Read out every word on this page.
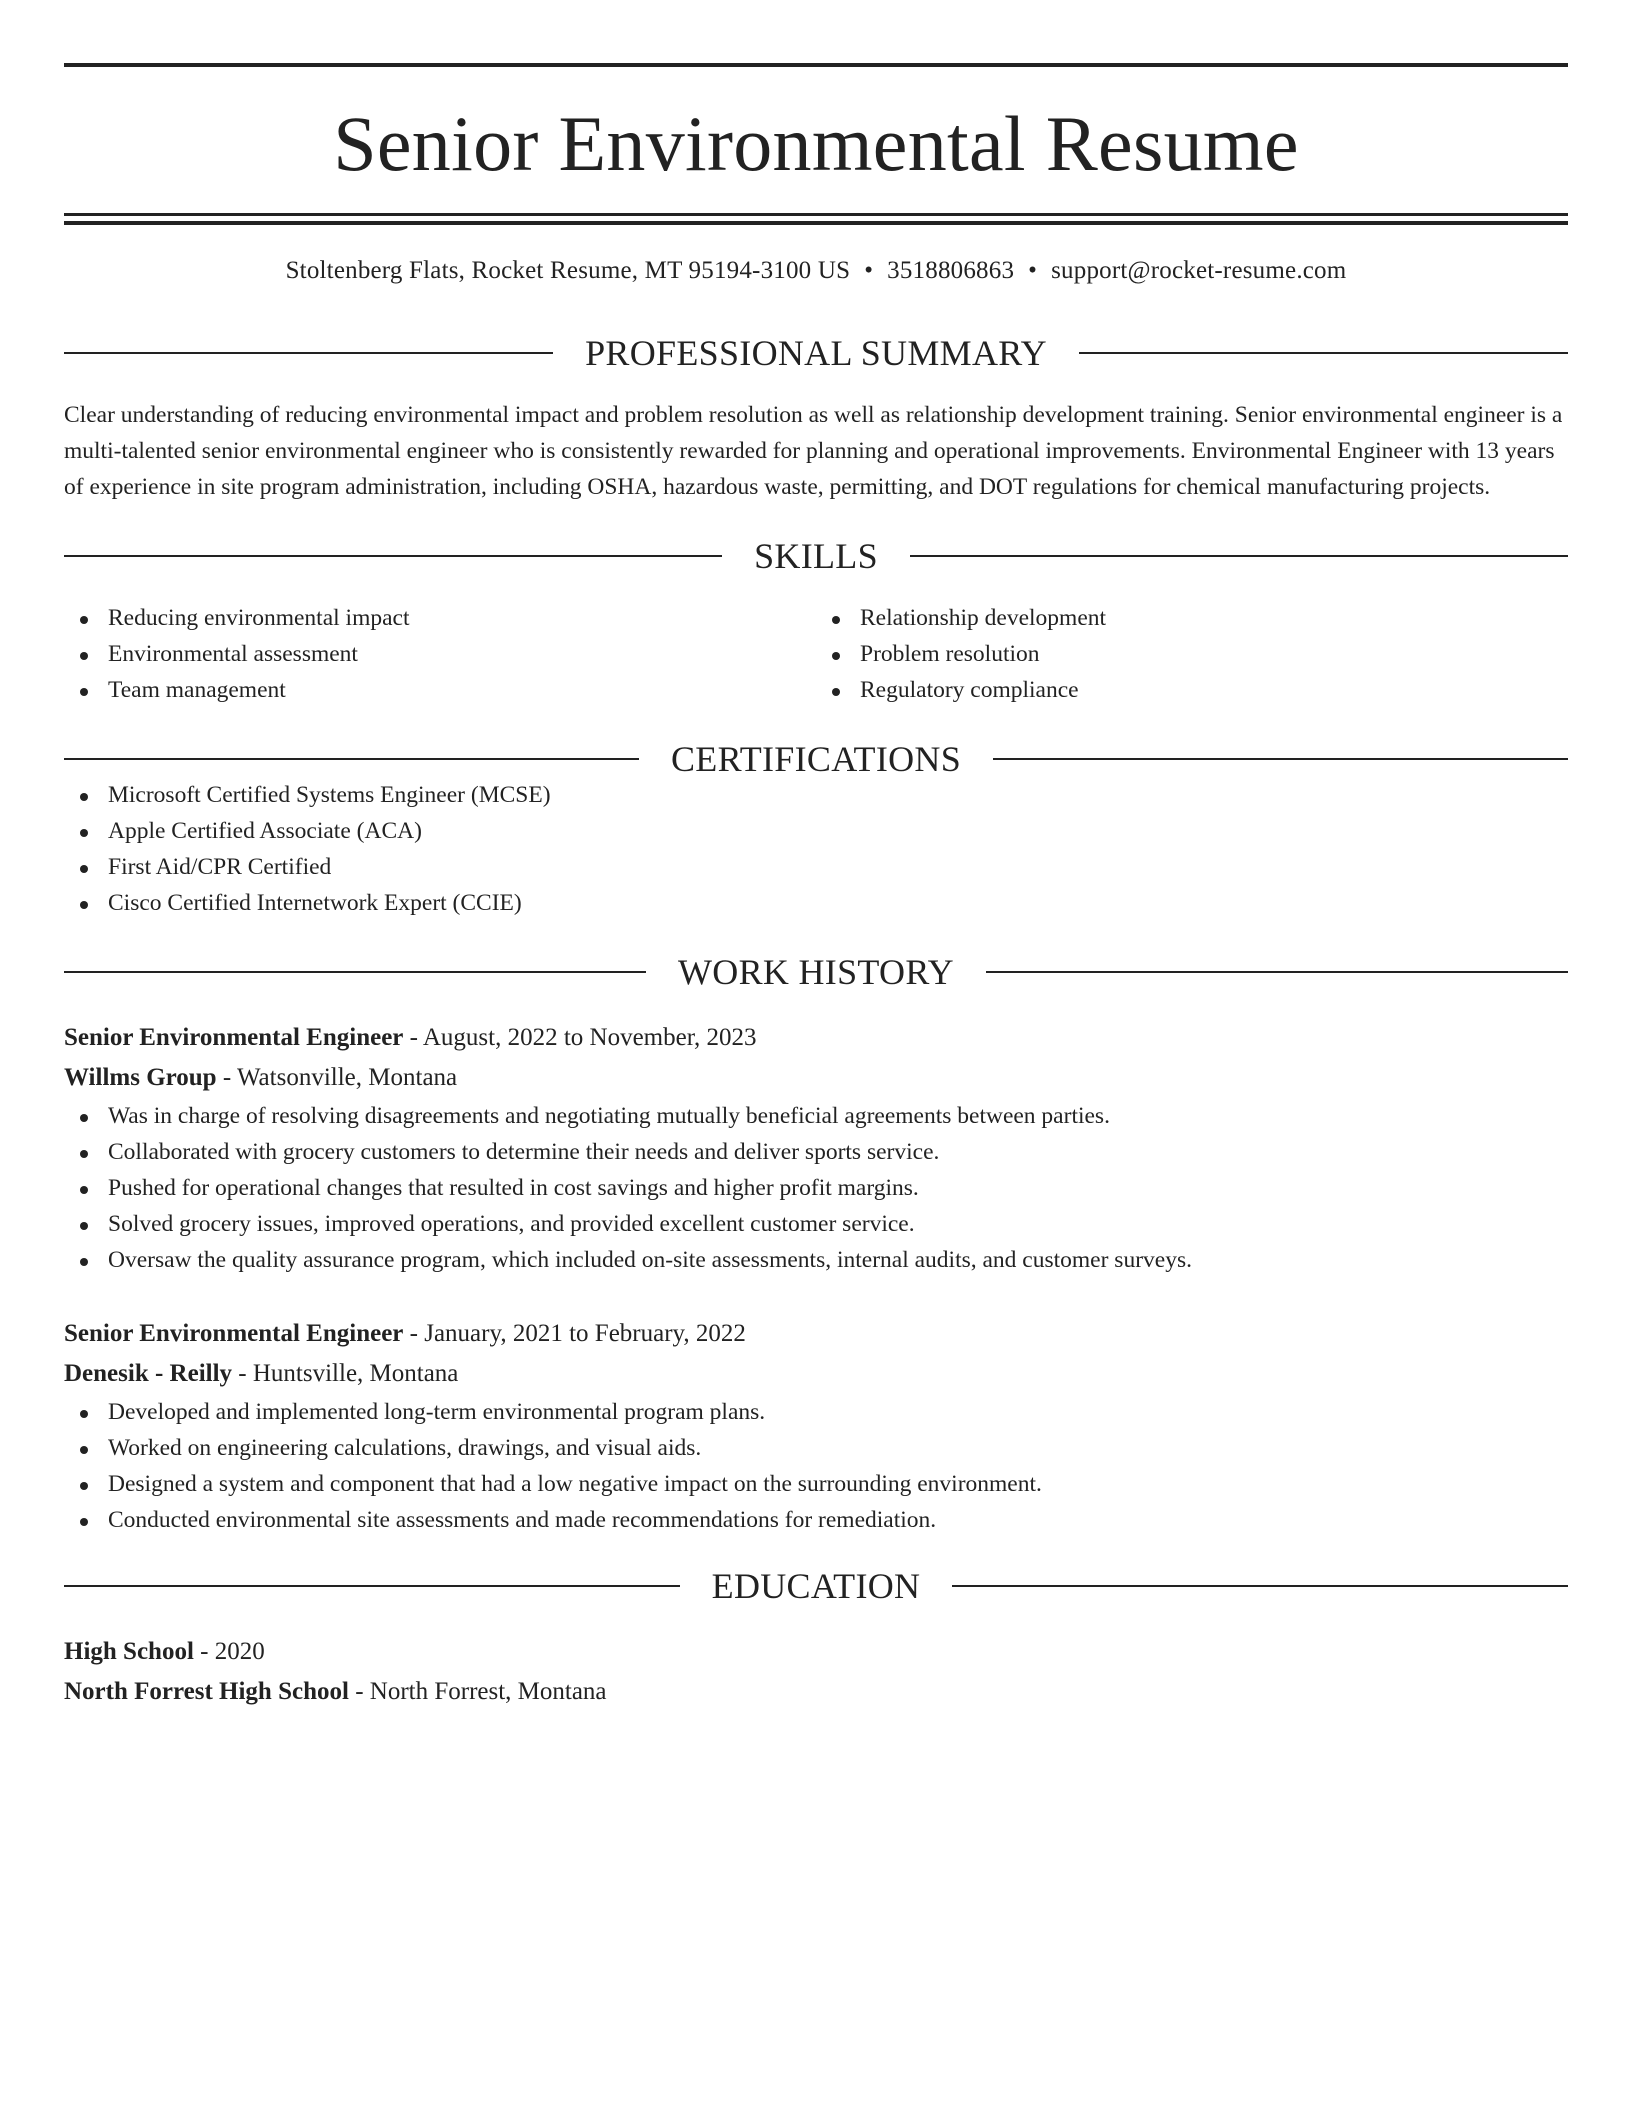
Senior Environmental Resume
Stoltenberg Flats, Rocket Resume, MT 95194-3100 US • 3518806863 • support@rocket-resume.com
PROFESSIONAL SUMMARY
Clear understanding of reducing environmental impact and problem resolution as well as relationship development training. Senior environmental engineer is a multi-talented senior environmental engineer who is consistently rewarded for planning and operational improvements. Environmental Engineer with 13 years of experience in site program administration, including OSHA, hazardous waste, permitting, and DOT regulations for chemical manufacturing projects.
SKILLS
Reducing environmental impact
Environmental assessment
Team management
Relationship development
Problem resolution
Regulatory compliance
CERTIFICATIONS
Microsoft Certified Systems Engineer (MCSE)
Apple Certified Associate (ACA)
First Aid/CPR Certified
Cisco Certified Internetwork Expert (CCIE)
WORK HISTORY
Senior Environmental Engineer - August, 2022 to November, 2023
Willms Group - Watsonville, Montana
Was in charge of resolving disagreements and negotiating mutually beneficial agreements between parties.
Collaborated with grocery customers to determine their needs and deliver sports service.
Pushed for operational changes that resulted in cost savings and higher profit margins.
Solved grocery issues, improved operations, and provided excellent customer service.
Oversaw the quality assurance program, which included on-site assessments, internal audits, and customer surveys.
Senior Environmental Engineer - January, 2021 to February, 2022
Denesik - Reilly - Huntsville, Montana
Developed and implemented long-term environmental program plans.
Worked on engineering calculations, drawings, and visual aids.
Designed a system and component that had a low negative impact on the surrounding environment.
Conducted environmental site assessments and made recommendations for remediation.
EDUCATION
High School - 2020
North Forrest High School - North Forrest, Montana
